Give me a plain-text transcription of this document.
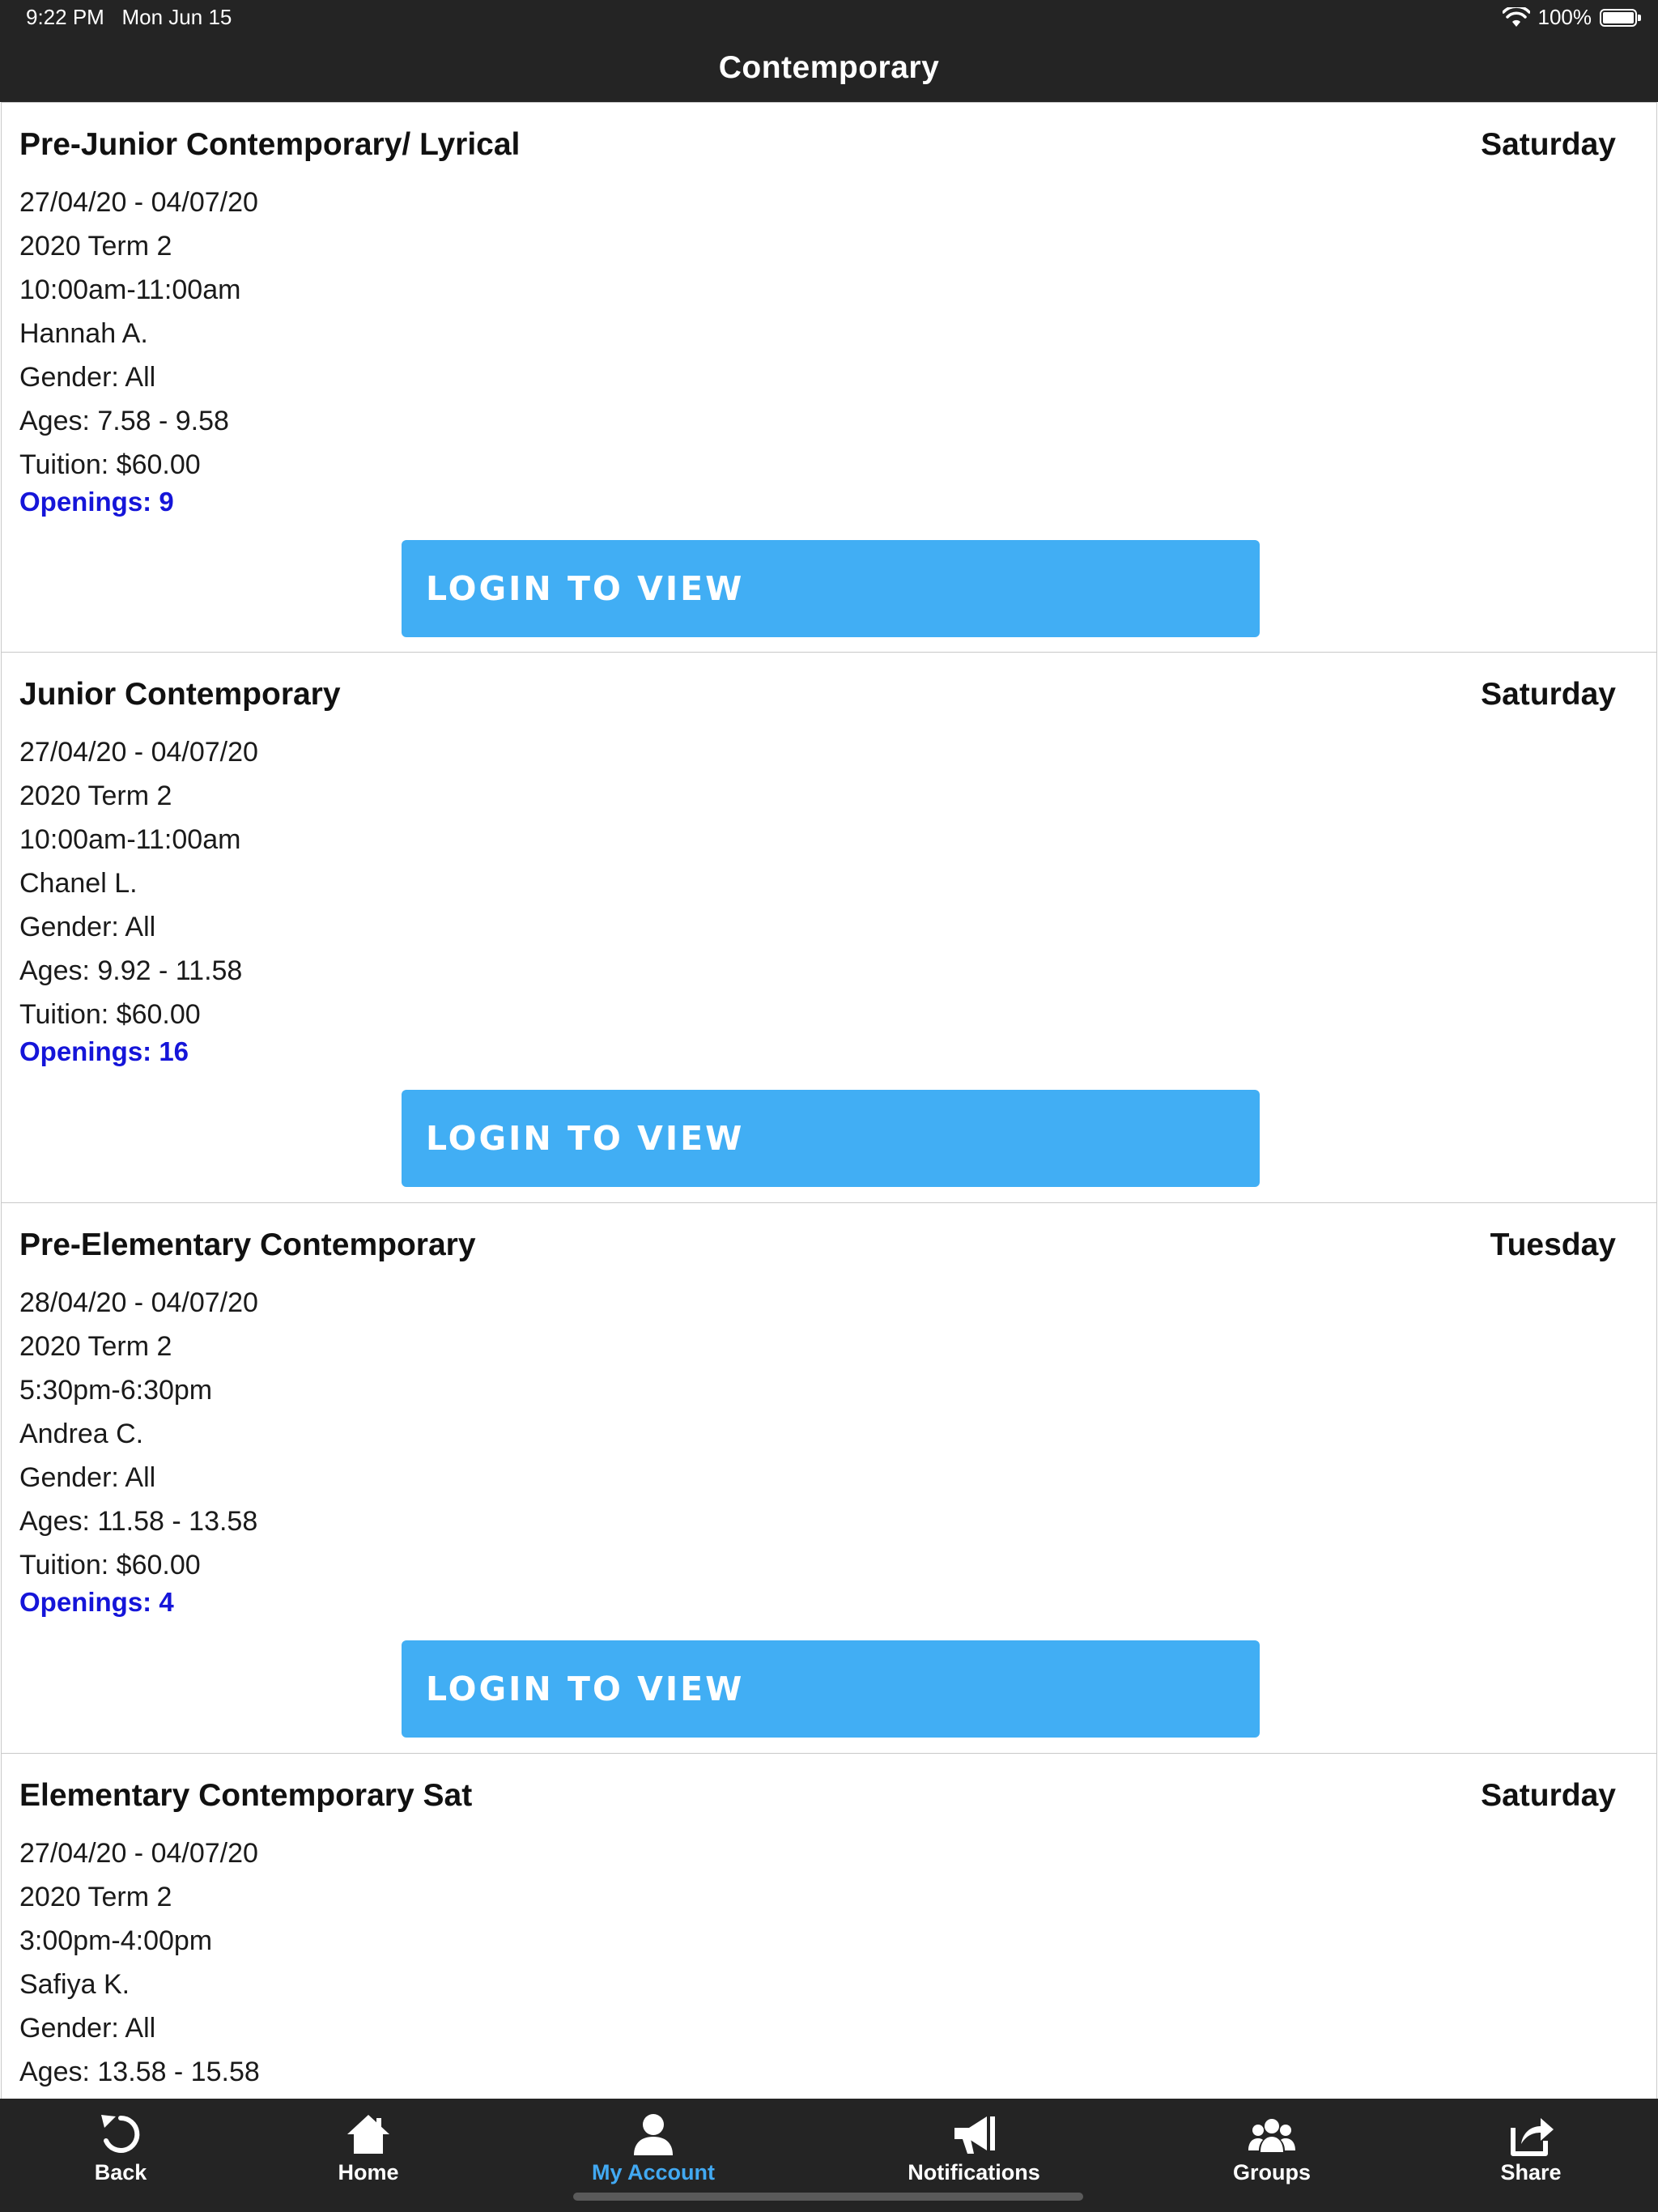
9:22 PM Mon Jun 15	100%
Contemporary
Pre-Junior Contemporary/ Lyrical	Saturday
27/04/20 - 04/07/20
2020 Term 2
10:00am-11:00am
Hannah A.
Gender: All
Ages: 7.58 - 9.58
Tuition: $60.00
Openings: 9
LOGIN TO VIEW
Junior Contemporary	Saturday
27/04/20 - 04/07/20
2020 Term 2
10:00am-11:00am
Chanel L.
Gender: All
Ages: 9.92 - 11.58
Tuition: $60.00
Openings: 16
LOGIN TO VIEW
Pre-Elementary Contemporary	Tuesday
28/04/20 - 04/07/20
2020 Term 2
5:30pm-6:30pm
Andrea C.
Gender: All
Ages: 11.58 - 13.58
Tuition: $60.00
Openings: 4
LOGIN TO VIEW
Elementary Contemporary Sat	Saturday
27/04/20 - 04/07/20
2020 Term 2
3:00pm-4:00pm
Safiya K.
Gender: All
Ages: 13.58 - 15.58
Back	Home	My Account	Notifications	Groups	Share
